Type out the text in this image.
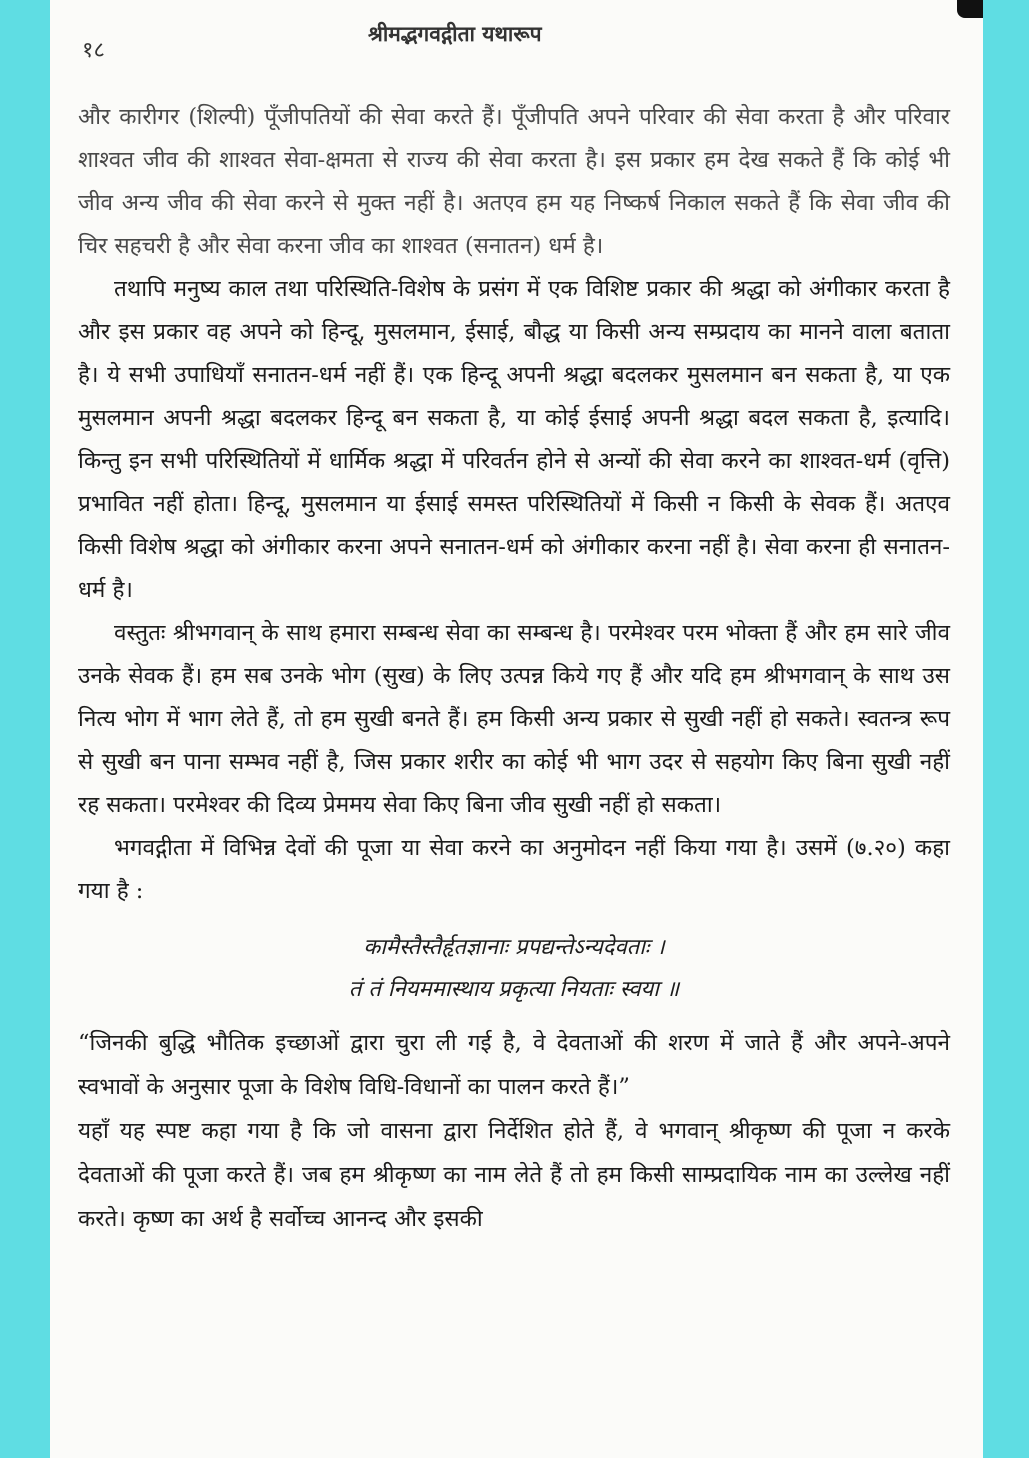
१८
श्रीमद्भगवद्गीता यथारूप

और कारीगर (शिल्पी) पूँजीपतियों की सेवा करते हैं। पूँजीपति अपने परिवार की सेवा करता है और परिवार शाश्वत जीव की शाश्वत सेवा-क्षमता से राज्य की सेवा करता है। इस प्रकार हम देख सकते हैं कि कोई भी जीव अन्य जीव की सेवा करने से मुक्त नहीं है। अतएव हम यह निष्कर्ष निकाल सकते हैं कि सेवा जीव की चिर सहचरी है और सेवा करना जीव का शाश्वत (सनातन) धर्म है।

तथापि मनुष्य काल तथा परिस्थिति-विशेष के प्रसंग में एक विशिष्ट प्रकार की श्रद्धा को अंगीकार करता है और इस प्रकार वह अपने को हिन्दू, मुसलमान, ईसाई, बौद्ध या किसी अन्य सम्प्रदाय का मानने वाला बताता है। ये सभी उपाधियाँ सनातन-धर्म नहीं हैं। एक हिन्दू अपनी श्रद्धा बदलकर मुसलमान बन सकता है, या एक मुसलमान अपनी श्रद्धा बदलकर हिन्दू बन सकता है, या कोई ईसाई अपनी श्रद्धा बदल सकता है, इत्यादि। किन्तु इन सभी परिस्थितियों में धार्मिक श्रद्धा में परिवर्तन होने से अन्यों की सेवा करने का शाश्वत-धर्म (वृत्ति) प्रभावित नहीं होता। हिन्दू, मुसलमान या ईसाई समस्त परिस्थितियों में किसी न किसी के सेवक हैं। अतएव किसी विशेष श्रद्धा को अंगीकार करना अपने सनातन-धर्म को अंगीकार करना नहीं है। सेवा करना ही सनातन-धर्म है।

वस्तुतः श्रीभगवान् के साथ हमारा सम्बन्ध सेवा का सम्बन्ध है। परमेश्वर परम भोक्ता हैं और हम सारे जीव उनके सेवक हैं। हम सब उनके भोग (सुख) के लिए उत्पन्न किये गए हैं और यदि हम श्रीभगवान् के साथ उस नित्य भोग में भाग लेते हैं, तो हम सुखी बनते हैं। हम किसी अन्य प्रकार से सुखी नहीं हो सकते। स्वतन्त्र रूप से सुखी बन पाना सम्भव नहीं है, जिस प्रकार शरीर का कोई भी भाग उदर से सहयोग किए बिना सुखी नहीं रह सकता। परमेश्वर की दिव्य प्रेममय सेवा किए बिना जीव सुखी नहीं हो सकता।

भगवद्गीता में विभिन्न देवों की पूजा या सेवा करने का अनुमोदन नहीं किया गया है। उसमें (७.२०) कहा गया है :

कामैस्तैस्तैर्हृतज्ञानाः प्रपद्यन्तेऽन्यदेवताः ।
तं तं नियममास्थाय प्रकृत्या नियताः स्वया ॥

“जिनकी बुद्धि भौतिक इच्छाओं द्वारा चुरा ली गई है, वे देवताओं की शरण में जाते हैं और अपने-अपने स्वभावों के अनुसार पूजा के विशेष विधि-विधानों का पालन करते हैं।”

यहाँ यह स्पष्ट कहा गया है कि जो वासना द्वारा निर्देशित होते हैं, वे भगवान् श्रीकृष्ण की पूजा न करके देवताओं की पूजा करते हैं। जब हम श्रीकृष्ण का नाम लेते हैं तो हम किसी साम्प्रदायिक नाम का उल्लेख नहीं करते। कृष्ण का अर्थ है सर्वोच्च आनन्द और इसकी
